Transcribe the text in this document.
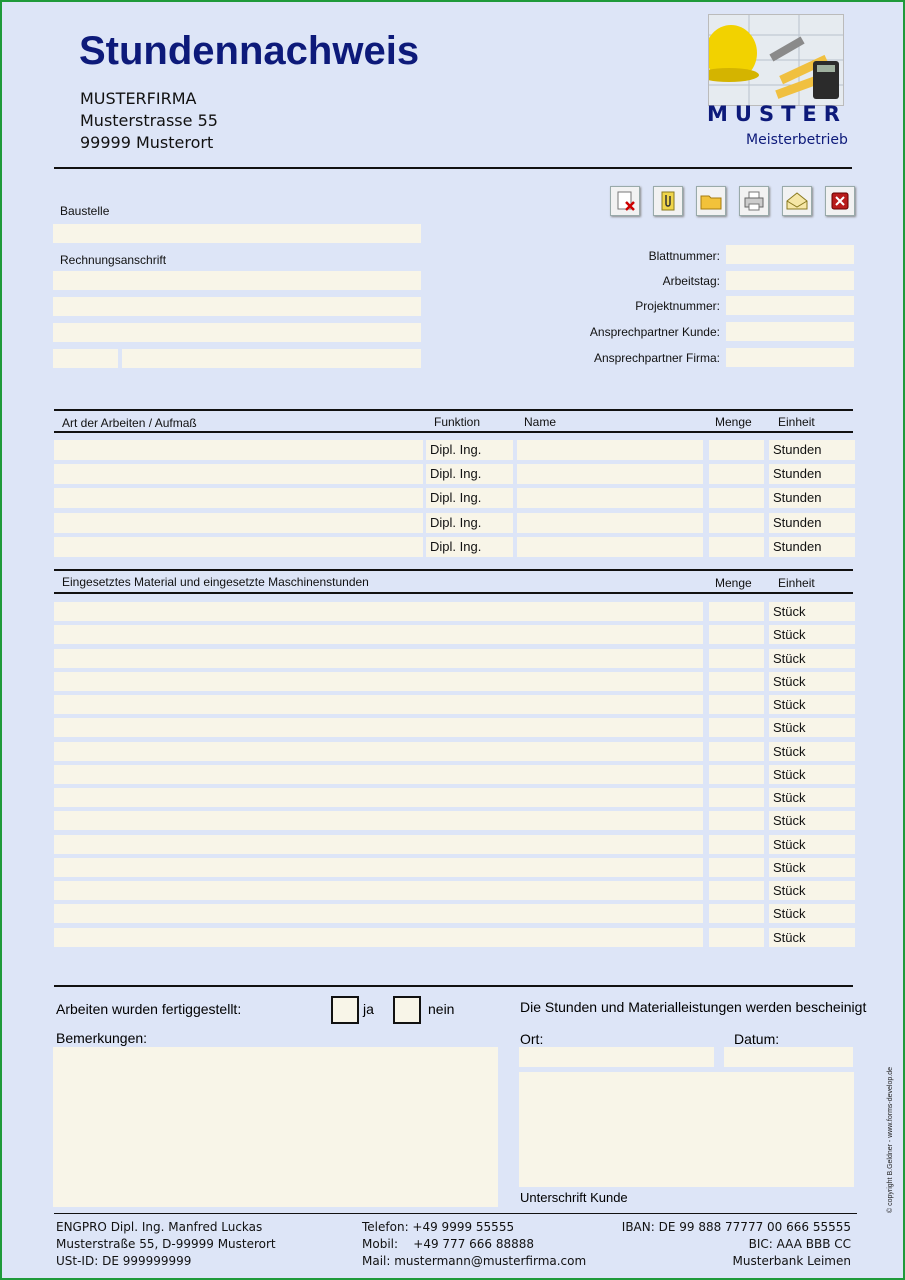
Stundennachweis
MUSTERFIRMA
Musterstrasse 55
99999 Musterort
MUSTER
Meisterbetrieb
Baustelle
Rechnungsanschrift	Blattnummer:
Arbeitstag:
Projektnummer:
Ansprechpartner Kunde:
Ansprechpartner Firma:
Art der Arbeiten / Aufmaß	Funktion	Name	Menge Einheit
Dipl. Ing.	Stunden
Dipl. Ing.	Stunden
Dipl. Ing.	Stunden
Dipl. Ing.	Stunden
Dipl. Ing.	Stunden
Eingesetztes Material und eingesetzte Maschinenstunden	Menge Einheit
Stück
Stück
Stück
Stück
Stück
Stück
Stück
Stück
Stück
Stück
Stück
Stück
Stück
Stück
Stück
Arbeiten wurden fertiggestellt:	ja	nein	Die Stunden und Materialleistungen werden bescheinigt
Bemerkungen:	Ort:	Datum:
Unterschrift Kunde	© copyright B.Geldner - www.forms-develop.de
ENGPRO Dipl. Ing. Manfred Luckas
Musterstraße 55, D-99999 Musterort
USt-ID: DE 999999999
Telefon: +49 9999 55555
Mobil:    +49 777 666 88888
Mail: mustermann@musterfirma.com
IBAN: DE 99 888 77777 00 666 55555
BIC: AAA BBB CC
Musterbank Leimen
